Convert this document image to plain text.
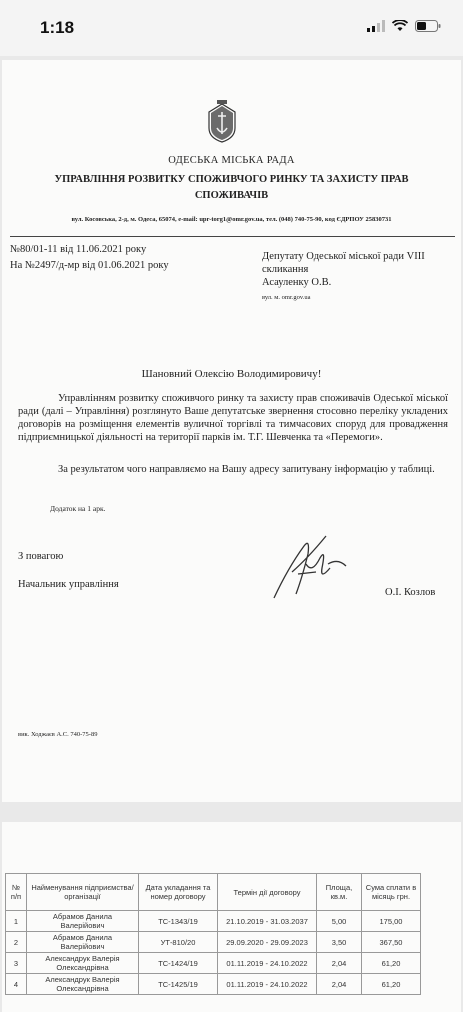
1:18
ОДЕСЬКА МІСЬКА РАДА
УПРАВЛІННЯ РОЗВИТКУ СПОЖИВЧОГО РИНКУ ТА ЗАХИСТУ ПРАВ
СПОЖИВАЧІВ
вул. Косовська, 2-д, м. Одеса, 65074, e-mail: upr-torg1@omr.gov.ua, тел. (048) 740-75-90, код ЄДРПОУ 25830731
№80/01-11 від 11.06.2021 року
На №2497/д-мр від 01.06.2021 року
Депутату Одеської міської ради VIII
скликання
Асауленку О.В.
вул. м. omr.gov.ua
Шановний Олексію Володимировичу!
Управлінням розвитку споживчого ринку та захисту прав споживачів Одеської міської ради (далі – Управління) розглянуто Ваше депутатське звернення стосовно переліку укладених договорів на розміщення елементів вуличної торгівлі та тимчасових споруд для провадження підприємницької діяльності на території парків ім. Т.Г. Шевченка та «Перемоги».
За результатом чого направляємо на Вашу адресу запитувану інформацію у таблиці.
Додаток на 1 арк.
З повагою
Начальник управління
О.І. Козлов
вик. Ходжаєв А.С. 740-75-89
№ п/п	Найменування підприємства/організації	Дата укладання та номер договору	Термін дії договору	Площа, кв.м.	Сума сплати в місяць грн.
1	Абрамов Данила Валерійович	ТС-1343/19	21.10.2019 - 31.03.2037	5,00	175,00
2	Абрамов Данила Валерійович	УТ-810/20	29.09.2020 - 29.09.2023	3,50	367,50
3	Александрук Валерія Олександрівна	ТС-1424/19	01.11.2019 - 24.10.2022	2,04	61,20
4	Александрук Валерія Олександрівна	ТС-1425/19	01.11.2019 - 24.10.2022	2,04	61,20
